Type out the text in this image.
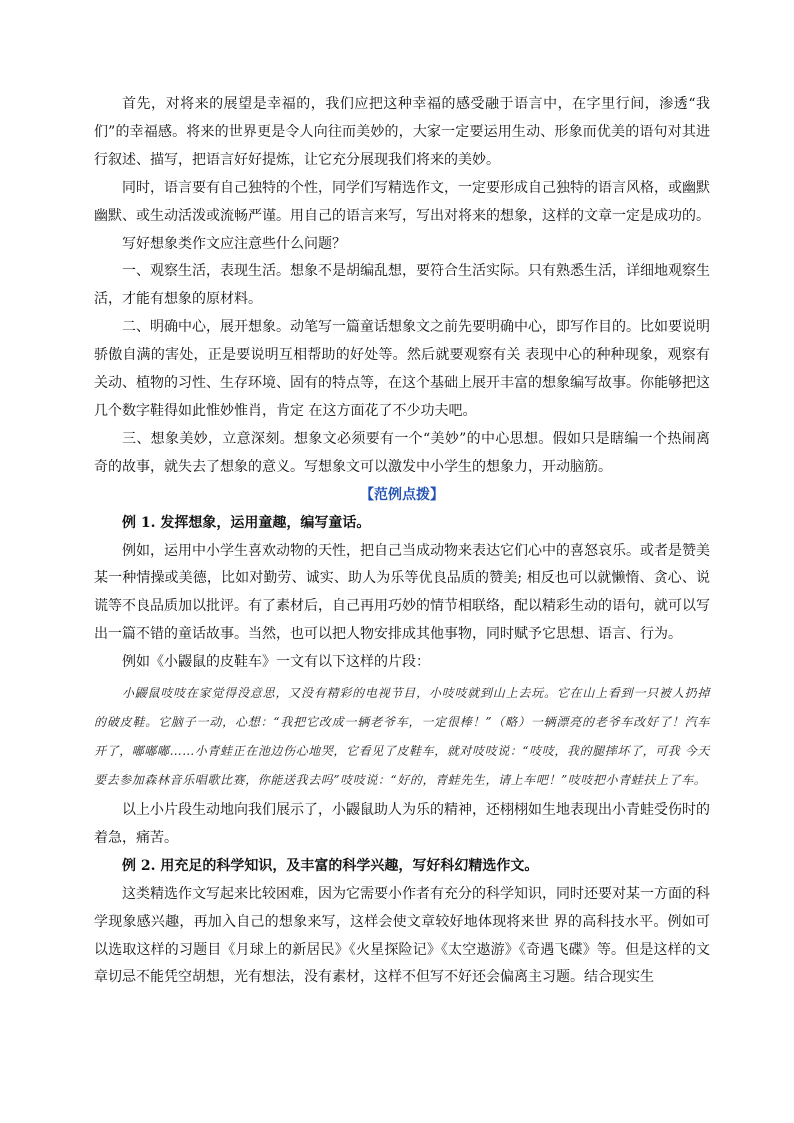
首先，对将来的展望是幸福的，我们应把这种幸福的感受融于语言中，在字里行间，渗透“我们”的幸福感。将来的世界更是令人向往而美妙的，大家一定要运用生动、形象而优美的语句对其进行叙述、描写，把语言好好提炼，让它充分展现我们将来的美妙。

同时，语言要有自己独特的个性，同学们写精选作文，一定要形成自己独特的语言风格，或幽默幽默、或生动活泼或流畅严谨。用自己的语言来写，写出对将来的想象，这样的文章一定是成功的。

写好想象类作文应注意些什么问题？

一、观察生活，表现生活。想象不是胡编乱想，要符合生活实际。只有熟悉生活，详细地观察生活，才能有想象的原材料。

二、明确中心，展开想象。动笔写一篇童话想象文之前先要明确中心，即写作目的。比如要说明骄傲自满的害处，正是要说明互相帮助的好处等。然后就要观察有关 表现中心的种种现象，观察有关动、植物的习性、生存环境、固有的特点等，在这个基础上展开丰富的想象编写故事。你能够把这几个数字鞋得如此惟妙惟肖，肯定 在这方面花了不少功夫吧。

三、想象美妙，立意深刻。想象文必须要有一个“美妙”的中心思想。假如只是瞎编一个热闹离奇的故事，就失去了想象的意义。写想象文可以激发中小学生的想象力，开动脑筋。

【范例点拨】

例 1. 发挥想象，运用童趣，编写童话。

例如，运用中小学生喜欢动物的天性，把自己当成动物来表达它们心中的喜怒哀乐。或者是赞美某一种情操或美德，比如对勤劳、诚实、助人为乐等优良品质的赞美; 相反也可以就懒惰、贪心、说谎等不良品质加以批评。有了素材后，自己再用巧妙的情节相联络，配以精彩生动的语句，就可以写出一篇不错的童话故事。当然，也可以把人物安排成其他事物，同时赋予它思想、语言、行为。

例如《小鼹鼠的皮鞋车》一文有以下这样的片段：

小鼹鼠吱吱在家觉得没意思，又没有精彩的电视节目，小吱吱就到山上去玩。它在山上看到一只被人扔掉的破皮鞋。它脑子一动，心想：“我把它改成一辆老爷车，一定很棒！”（略）一辆漂亮的老爷车改好了！汽车开了，嘟嘟嘟……小青蛙正在池边伤心地哭，它看见了皮鞋车，就对吱吱说：“吱吱，我的腿摔坏了，可我 今天要去参加森林音乐唱歌比赛，你能送我去吗”吱吱说：“好的，青蛙先生，请上车吧！”吱吱把小青蛙扶上了车。

以上小片段生动地向我们展示了，小鼹鼠助人为乐的精神，还栩栩如生地表现出小青蛙受伤时的着急，痛苦。

例 2. 用充足的科学知识，及丰富的科学兴趣，写好科幻精选作文。

这类精选作文写起来比较困难，因为它需要小作者有充分的科学知识，同时还要对某一方面的科学现象感兴趣，再加入自己的想象来写，这样会使文章较好地体现将来世 界的高科技水平。例如可以选取这样的习题目《月球上的新居民》《火星探险记》《太空遨游》《奇遇飞碟》等。但是这样的文章切忌不能凭空胡想，光有想法，没有素材，这样不但写不好还会偏离主习题。结合现实生
